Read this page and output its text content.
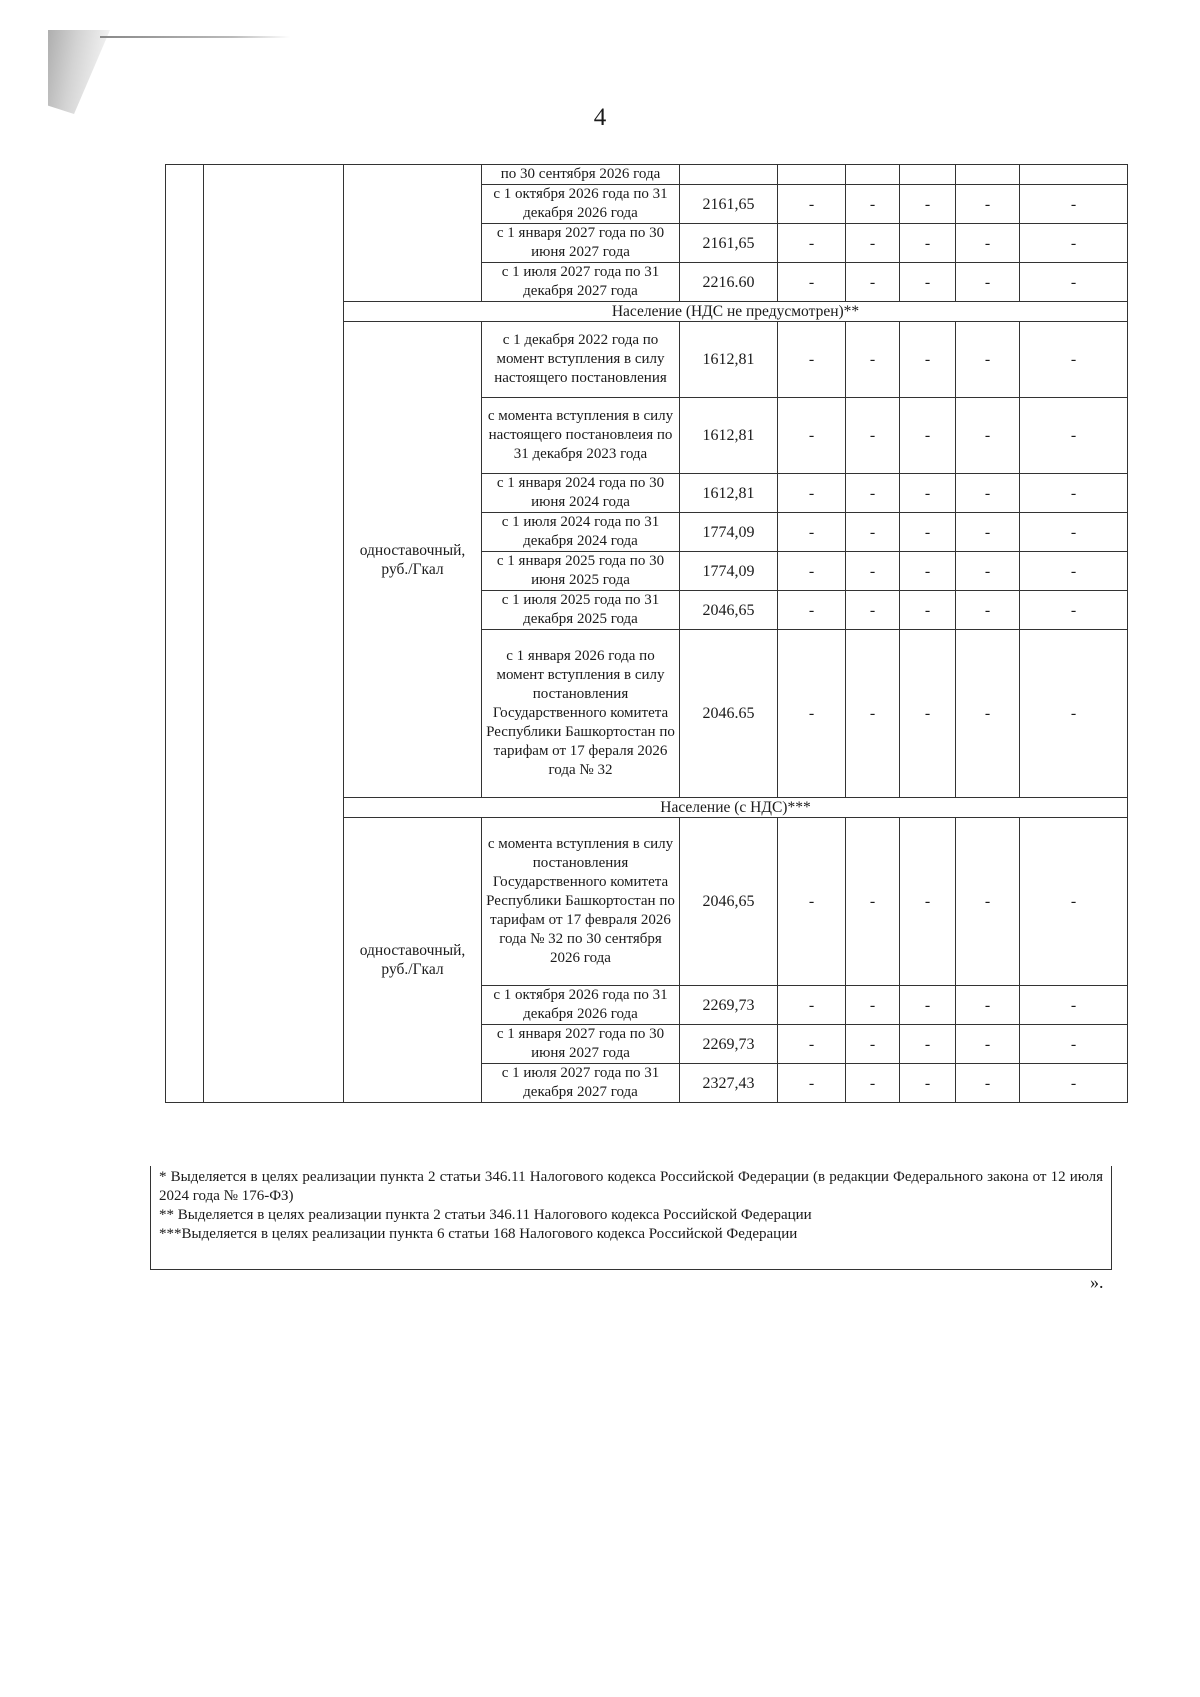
4
			по 30 сентября 2026 года						
			с 1 октября 2026 года по 31 декабря 2026 года	2161,65	-	-	-	-	-
			с 1 января 2027 года по 30 июня 2027 года	2161,65	-	-	-	-	-
			с 1 июля 2027 года по 31 декабря 2027 года	2216.60	-	-	-	-	-
		Население (НДС не предусмотрен)**							
		одноставочный, руб./Гкал	с 1 декабря 2022 года по момент вступления в силу настоящего постановления	1612,81	-	-	-	-	-
			с момента вступления в силу настоящего постановлеия по 31 декабря 2023 года	1612,81	-	-	-	-	-
			с 1 января 2024 года по 30 июня 2024 года	1612,81	-	-	-	-	-
			с 1 июля 2024 года по 31 декабря 2024 года	1774,09	-	-	-	-	-
			с 1 января 2025 года по 30 июня 2025 года	1774,09	-	-	-	-	-
			с 1 июля 2025 года по 31 декабря 2025 года	2046,65	-	-	-	-	-
			с 1 января 2026 года по момент вступления в силу постановления Государственного комитета Республики Башкортостан по тарифам от 17 фераля 2026 года № 32	2046.65	-	-	-	-	-
		Население (с НДС)***							
		одноставочный, руб./Гкал	с момента вступления в силу постановления Государственного комитета Республики Башкортостан по тарифам от 17 февраля 2026 года № 32 по 30 сентября 2026 года	2046,65	-	-	-	-	-
			с 1 октября 2026 года по 31 декабря 2026 года	2269,73	-	-	-	-	-
			с 1 января 2027 года по 30 июня 2027 года	2269,73	-	-	-	-	-
			с 1 июля 2027 года по 31 декабря 2027 года	2327,43	-	-	-	-	-

* Выделяется в целях реализации пункта 2 статьи 346.11 Налогового кодекса Российской Федерации (в редакции Федерального закона от 12 июля 2024 года № 176-ФЗ)

** Выделяется в целях реализации пункта 2 статьи 346.11 Налогового кодекса Российской Федерации

***Выделяется в целях реализации пункта 6 статьи 168 Налогового кодекса Российской Федерации

».
